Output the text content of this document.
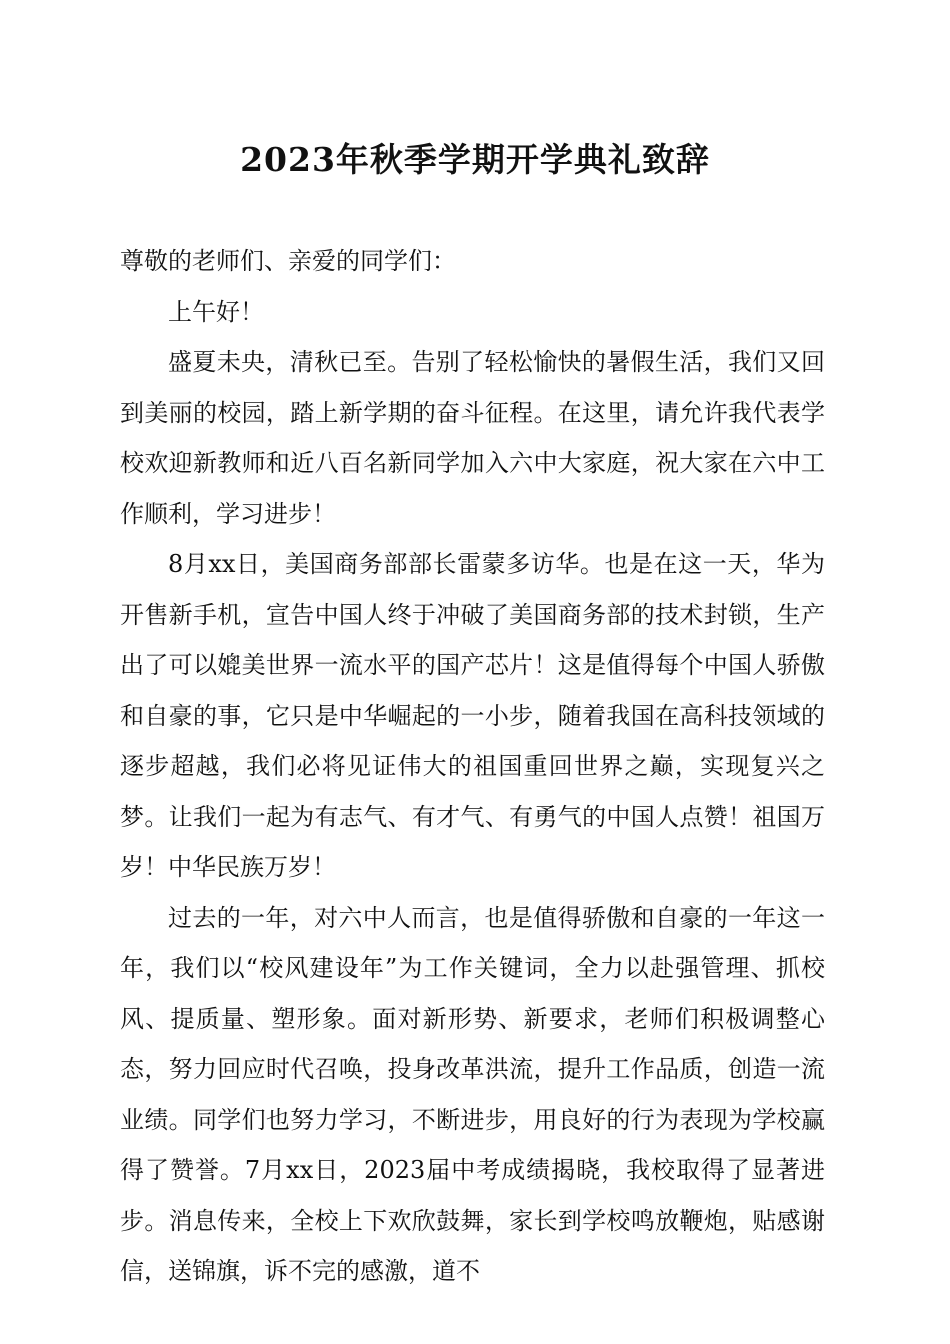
2023年秋季学期开学典礼致辞

尊敬的老师们、亲爱的同学们：

上午好！

盛夏未央，清秋已至。告别了轻松愉快的暑假生活，我们又回到美丽的校园，踏上新学期的奋斗征程。在这里，请允许我代表学校欢迎新教师和近八百名新同学加入六中大家庭，祝大家在六中工作顺利，学习进步！

8月xx日，美国商务部部长雷蒙多访华。也是在这一天，华为开售新手机，宣告中国人终于冲破了美国商务部的技术封锁，生产出了可以媲美世界一流水平的国产芯片！这是值得每个中国人骄傲和自豪的事，它只是中华崛起的一小步，随着我国在高科技领域的逐步超越，我们必将见证伟大的祖国重回世界之巅，实现复兴之梦。让我们一起为有志气、有才气、有勇气的中国人点赞！祖国万岁！中华民族万岁！

过去的一年，对六中人而言，也是值得骄傲和自豪的一年这一年，我们以“校风建设年”为工作关键词，全力以赴强管理、抓校风、提质量、塑形象。面对新形势、新要求，老师们积极调整心态，努力回应时代召唤，投身改革洪流，提升工作品质，创造一流业绩。同学们也努力学习，不断进步，用良好的行为表现为学校赢得了赞誉。7月xx日，2023届中考成绩揭晓，我校取得了显著进步。消息传来，全校上下欢欣鼓舞，家长到学校鸣放鞭炮，贴感谢信，送锦旗，诉不完的感激，道不
